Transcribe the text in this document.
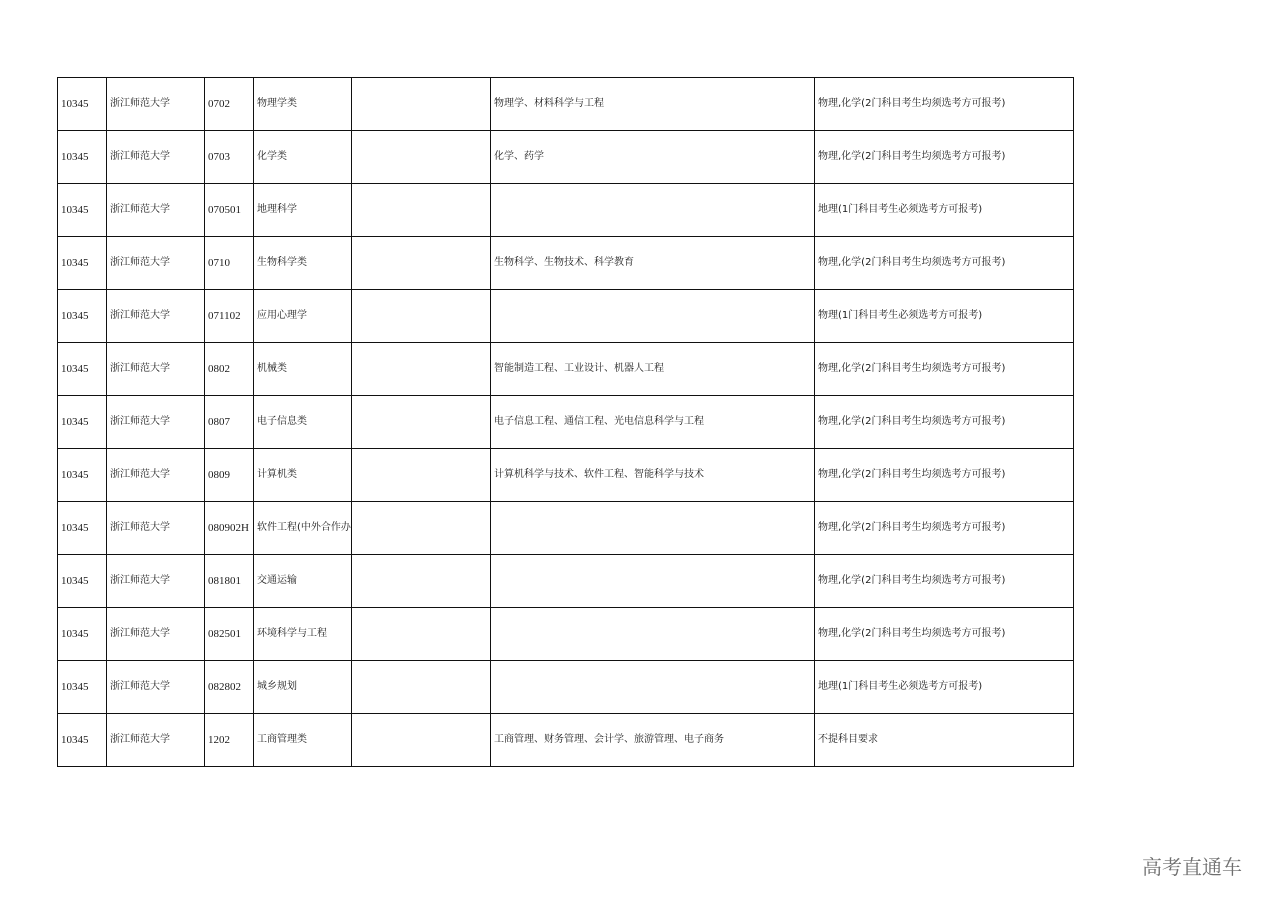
10345	浙江师范大学	0702	物理学类		物理学、材料科学与工程	物理,化学(2门科目考生均须选考方可报考)
10345	浙江师范大学	0703	化学类		化学、药学	物理,化学(2门科目考生均须选考方可报考)
10345	浙江师范大学	070501	地理科学			地理(1门科目考生必须选考方可报考)
10345	浙江师范大学	0710	生物科学类		生物科学、生物技术、科学教育	物理,化学(2门科目考生均须选考方可报考)
10345	浙江师范大学	071102	应用心理学			物理(1门科目考生必须选考方可报考)
10345	浙江师范大学	0802	机械类		智能制造工程、工业设计、机器人工程	物理,化学(2门科目考生均须选考方可报考)
10345	浙江师范大学	0807	电子信息类		电子信息工程、通信工程、光电信息科学与工程	物理,化学(2门科目考生均须选考方可报考)
10345	浙江师范大学	0809	计算机类		计算机科学与技术、软件工程、智能科学与技术	物理,化学(2门科目考生均须选考方可报考)
10345	浙江师范大学	080902H	软件工程(中外合作办			物理,化学(2门科目考生均须选考方可报考)
10345	浙江师范大学	081801	交通运输			物理,化学(2门科目考生均须选考方可报考)
10345	浙江师范大学	082501	环境科学与工程			物理,化学(2门科目考生均须选考方可报考)
10345	浙江师范大学	082802	城乡规划			地理(1门科目考生必须选考方可报考)
10345	浙江师范大学	1202	工商管理类		工商管理、财务管理、会计学、旅游管理、电子商务	不提科目要求
高考直通车
